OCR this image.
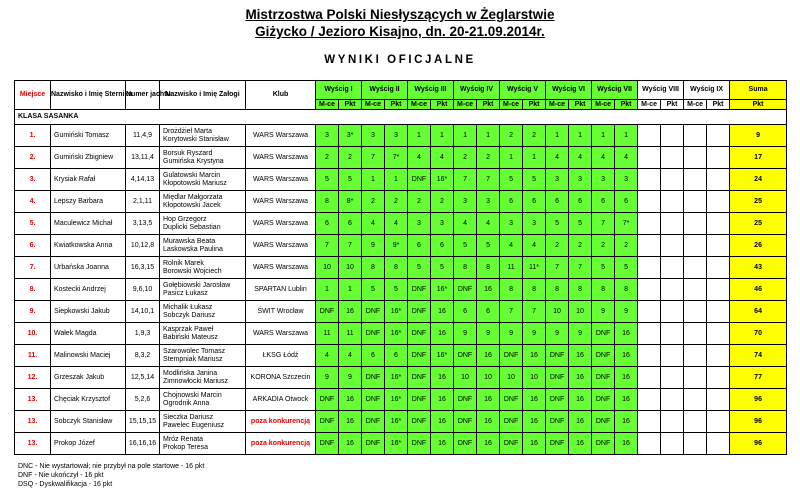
Mistrzostwa Polski Niesłyszących w Żeglarstwie
Giżycko / Jezioro Kisajno, dn. 20-21.09.2014r.
WYNIKI OFICJALNE
Miejsce	Nazwisko i Imię Sternika	Numer jachtu	Nazwisko i Imię Załogi	Klub	Wyścig I		Wyścig II		Wyścig III		Wyścig IV		Wyścig V		Wyścig VI		Wyścig VII		Wyścig VIII		Wyścig IX		Suma
					M-ce	Pkt	M-ce	Pkt	M-ce	Pkt	M-ce	Pkt	M-ce	Pkt	M-ce	Pkt	M-ce	Pkt	M-ce	Pkt	M-ce	Pkt	Pkt
KLASA SASANKA																							
1.	Gumiński Tomasz	11,4,9	Drożdżiel Marta
Korytowski Stanisław	WARS Warszawa	3	3*	3	3	1	1	1	1	2	2	1	1	1	1					9
2.	Gumiński Zbigniew	13,11,4	Borsuk Ryszard
Gumińska Krystyna	WARS Warszawa	2	2	7	7*	4	4	2	2	1	1	4	4	4	4					17
3.	Krysiak Rafał	4,14,13	Gulatowski Marcin
Kłopotowski Mariusz	WARS Warszawa	5	5	1	1	DNF	16*	7	7	5	5	3	3	3	3					24
4.	Lepszy Barbara	2,1,11	Międlar Małgorzata
Kłopotowski Jacek	WARS Warszawa	8	8*	2	2	2	2	3	3	6	6	6	6	6	6					25
5.	Maculewicz Michał	3,13,5	Hop Grzegorz
Duplicki Sebastian	WARS Warszawa	6	6	4	4	3	3	4	4	3	3	5	5	7	7*					25
6.	Kwiatkowska Anna	10,12,8	Murawska Beata
Laskowska Paulina	WARS Warszawa	7	7	9	9*	6	6	5	5	4	4	2	2	2	2					26
7.	Urbańska Joanna	16,3,15	Rolnik Marek
Borowski Wojciech	WARS Warszawa	10	10	8	8	5	5	8	8	11	11*	7	7	5	5					43
8.	Kostecki Andrzej	9,6,10	Gołębiowski Jarosław
Pasicz Łukasz	SPARTAN Lublin	1	1	5	5	DNF	16*	DNF	16	8	8	8	8	8	8					46
9.	Siepkowski Jakub	14,10,1	Michalik Łukasz
Sobczyk Dariusz	ŚWIT Wrocław	DNF	16	DNF	16*	DNF	16	6	6	7	7	10	10	9	9					64
10.	Wałek Magda	1,9,3	Kasprzak Paweł
Babiński Mateusz	WARS Warszawa	11	11	DNF	16*	DNF	16	9	9	9	9	9	9	DNF	16					70
11.	Malinowski Maciej	8,3,2	Szarowolec Tomasz
Stempniak Mariusz	ŁKSG Łódź	4	4	6	6	DNF	16*	DNF	16	DNF	16	DNF	16	DNF	16					74
12.	Grzeszak Jakub	12,5,14	Modlińska Janina
Zimnowłocki Mariusz	KORONA Szczecin	9	9	DNF	16*	DNF	16	10	10	10	10	DNF	16	DNF	16					77
13.	Chęciak Krzysztof	5,2,6	Chojnowski Marcin
Ogrodnik Anna	ARKADIA Otwock	DNF	16	DNF	16*	DNF	16	DNF	16	DNF	16	DNF	16	DNF	16					96
13.	Sobczyk Stanisław	15,15,15	Sieczka Dariusz
Pawelec Eugeniusz	poza konkurencją	DNF	16	DNF	16*	DNF	16	DNF	16	DNF	16	DNF	16	DNF	16					96
13.	Prokop Józef	16,16,16	Mróz Renata
Prokop Teresa	poza konkurencją	DNF	16	DNF	16*	DNF	16	DNF	16	DNF	16	DNF	16	DNF	16					96
DNC - Nie wystartował; nie przybył na pole startowe - 16 pkt
DNF - Nie ukończył - 16 pkt
DSQ - Dyskwalifikacja - 16 pkt
